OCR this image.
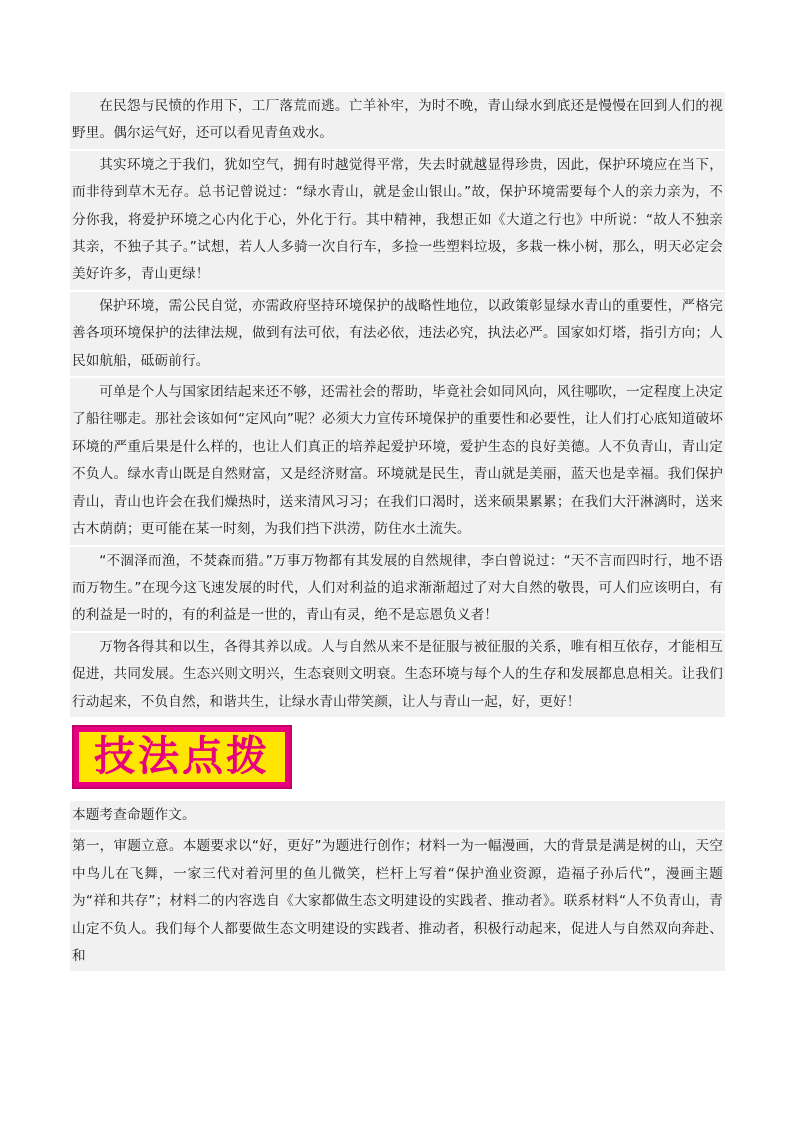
在民怨与民愤的作用下，工厂落荒而逃。亡羊补牢，为时不晚，青山绿水到底还是慢慢在回到人们的视野里。偶尔运气好，还可以看见青鱼戏水。

其实环境之于我们，犹如空气，拥有时越觉得平常，失去时就越显得珍贵，因此，保护环境应在当下，而非待到草木无存。总书记曾说过：“绿水青山，就是金山银山。”故，保护环境需要每个人的亲力亲为，不分你我，将爱护环境之心内化于心，外化于行。其中精神，我想正如《大道之行也》中所说：“故人不独亲其亲，不独子其子。”试想，若人人多骑一次自行车，多捡一些塑料垃圾，多栽一株小树，那么，明天必定会美好许多，青山更绿！

保护环境，需公民自觉，亦需政府坚持环境保护的战略性地位，以政策彰显绿水青山的重要性，严格完善各项环境保护的法律法规，做到有法可依，有法必依，违法必究，执法必严。国家如灯塔，指引方向；人民如航船，砥砺前行。

可单是个人与国家团结起来还不够，还需社会的帮助，毕竟社会如同风向，风往哪吹，一定程度上决定了船往哪走。那社会该如何“定风向”呢？必须大力宣传环境保护的重要性和必要性，让人们打心底知道破坏环境的严重后果是什么样的，也让人们真正的培养起爱护环境，爱护生态的良好美德。人不负青山，青山定不负人。绿水青山既是自然财富，又是经济财富。环境就是民生，青山就是美丽，蓝天也是幸福。我们保护青山，青山也许会在我们燥热时，送来清风习习；在我们口渴时，送来硕果累累；在我们大汗淋漓时，送来古木荫荫；更可能在某一时刻，为我们挡下洪涝，防住水土流失。

“不涸泽而渔，不焚森而猎。”万事万物都有其发展的自然规律，李白曾说过：“天不言而四时行，地不语而万物生。”在现今这飞速发展的时代，人们对利益的追求渐渐超过了对大自然的敬畏，可人们应该明白，有的利益是一时的，有的利益是一世的，青山有灵，绝不是忘恩负义者！

万物各得其和以生，各得其养以成。人与自然从来不是征服与被征服的关系，唯有相互依存，才能相互促进，共同发展。生态兴则文明兴，生态衰则文明衰。生态环境与每个人的生存和发展都息息相关。让我们行动起来，不负自然，和谐共生，让绿水青山带笑颜，让人与青山一起，好，更好！

技法点拨

本题考查命题作文。

第一，审题立意。本题要求以“好，更好”为题进行创作；材料一为一幅漫画，大的背景是满是树的山，天空中鸟儿在飞舞，一家三代对着河里的鱼儿微笑，栏杆上写着“保护渔业资源，造福子孙后代”，漫画主题为“祥和共存”；材料二的内容选自《大家都做生态文明建设的实践者、推动者》。联系材料“人不负青山，青山定不负人。我们每个人都要做生态文明建设的实践者、推动者，积极行动起来，促进人与自然双向奔赴、和
